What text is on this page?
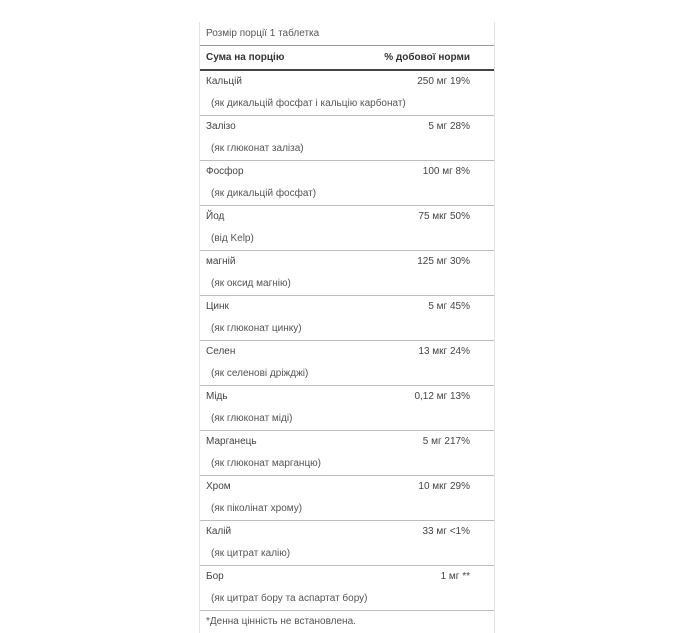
Розмір порції 1 таблетка
Сума на порцію	% добової норми
Кальцій	250 мг 19%
(як дикальцій фосфат і кальцію карбонат)
Залізо	5 мг 28%
(як глюконат заліза)
Фосфор	100 мг 8%
(як дикальцій фосфат)
Йод	75 мкг 50%
(від Kelp)
магній	125 мг 30%
(як оксид магнію)
Цинк	5 мг 45%
(як глюконат цинку)
Селен	13 мкг 24%
(як селенові дріжджі)
Мідь	0,12 мг 13%
(як глюконат міді)
Марганець	5 мг 217%
(як глюконат марганцю)
Хром	10 мкг 29%
(як піколінат хрому)
Калій	33 мг <1%
(як цитрат калію)
Бор	1 мг **
(як цитрат бору та аспартат бору)
*Денна цінність не встановлена.
